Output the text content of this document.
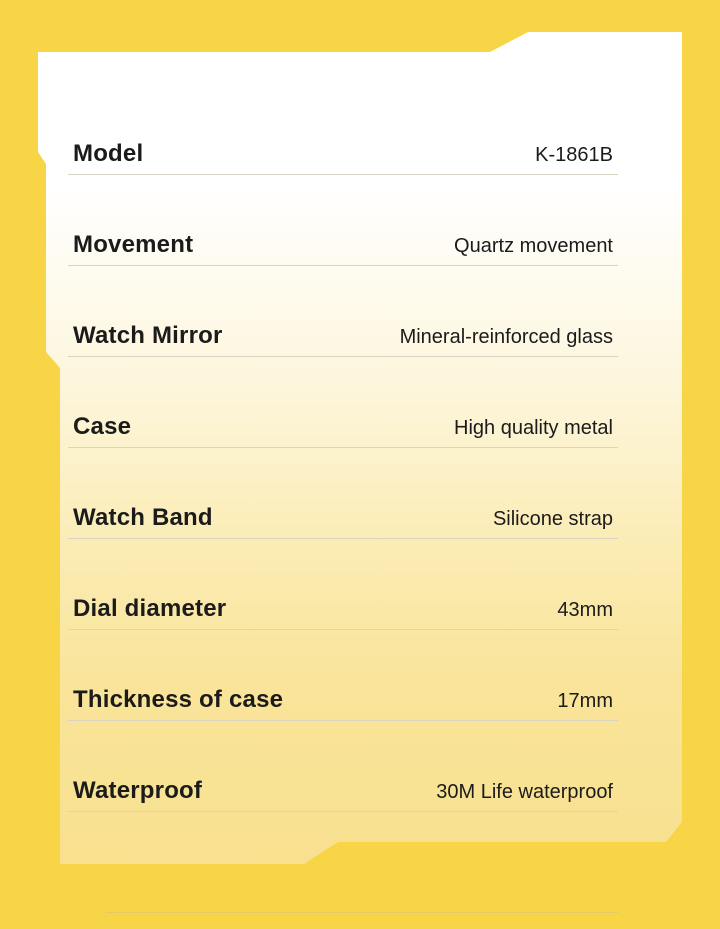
Model	K-1861B
Movement	Quartz movement
Watch Mirror	Mineral-reinforced glass
Case	High quality metal
Watch Band	Silicone strap
Dial diameter	43mm
Thickness of case	17mm
Waterproof	30M Life waterproof
